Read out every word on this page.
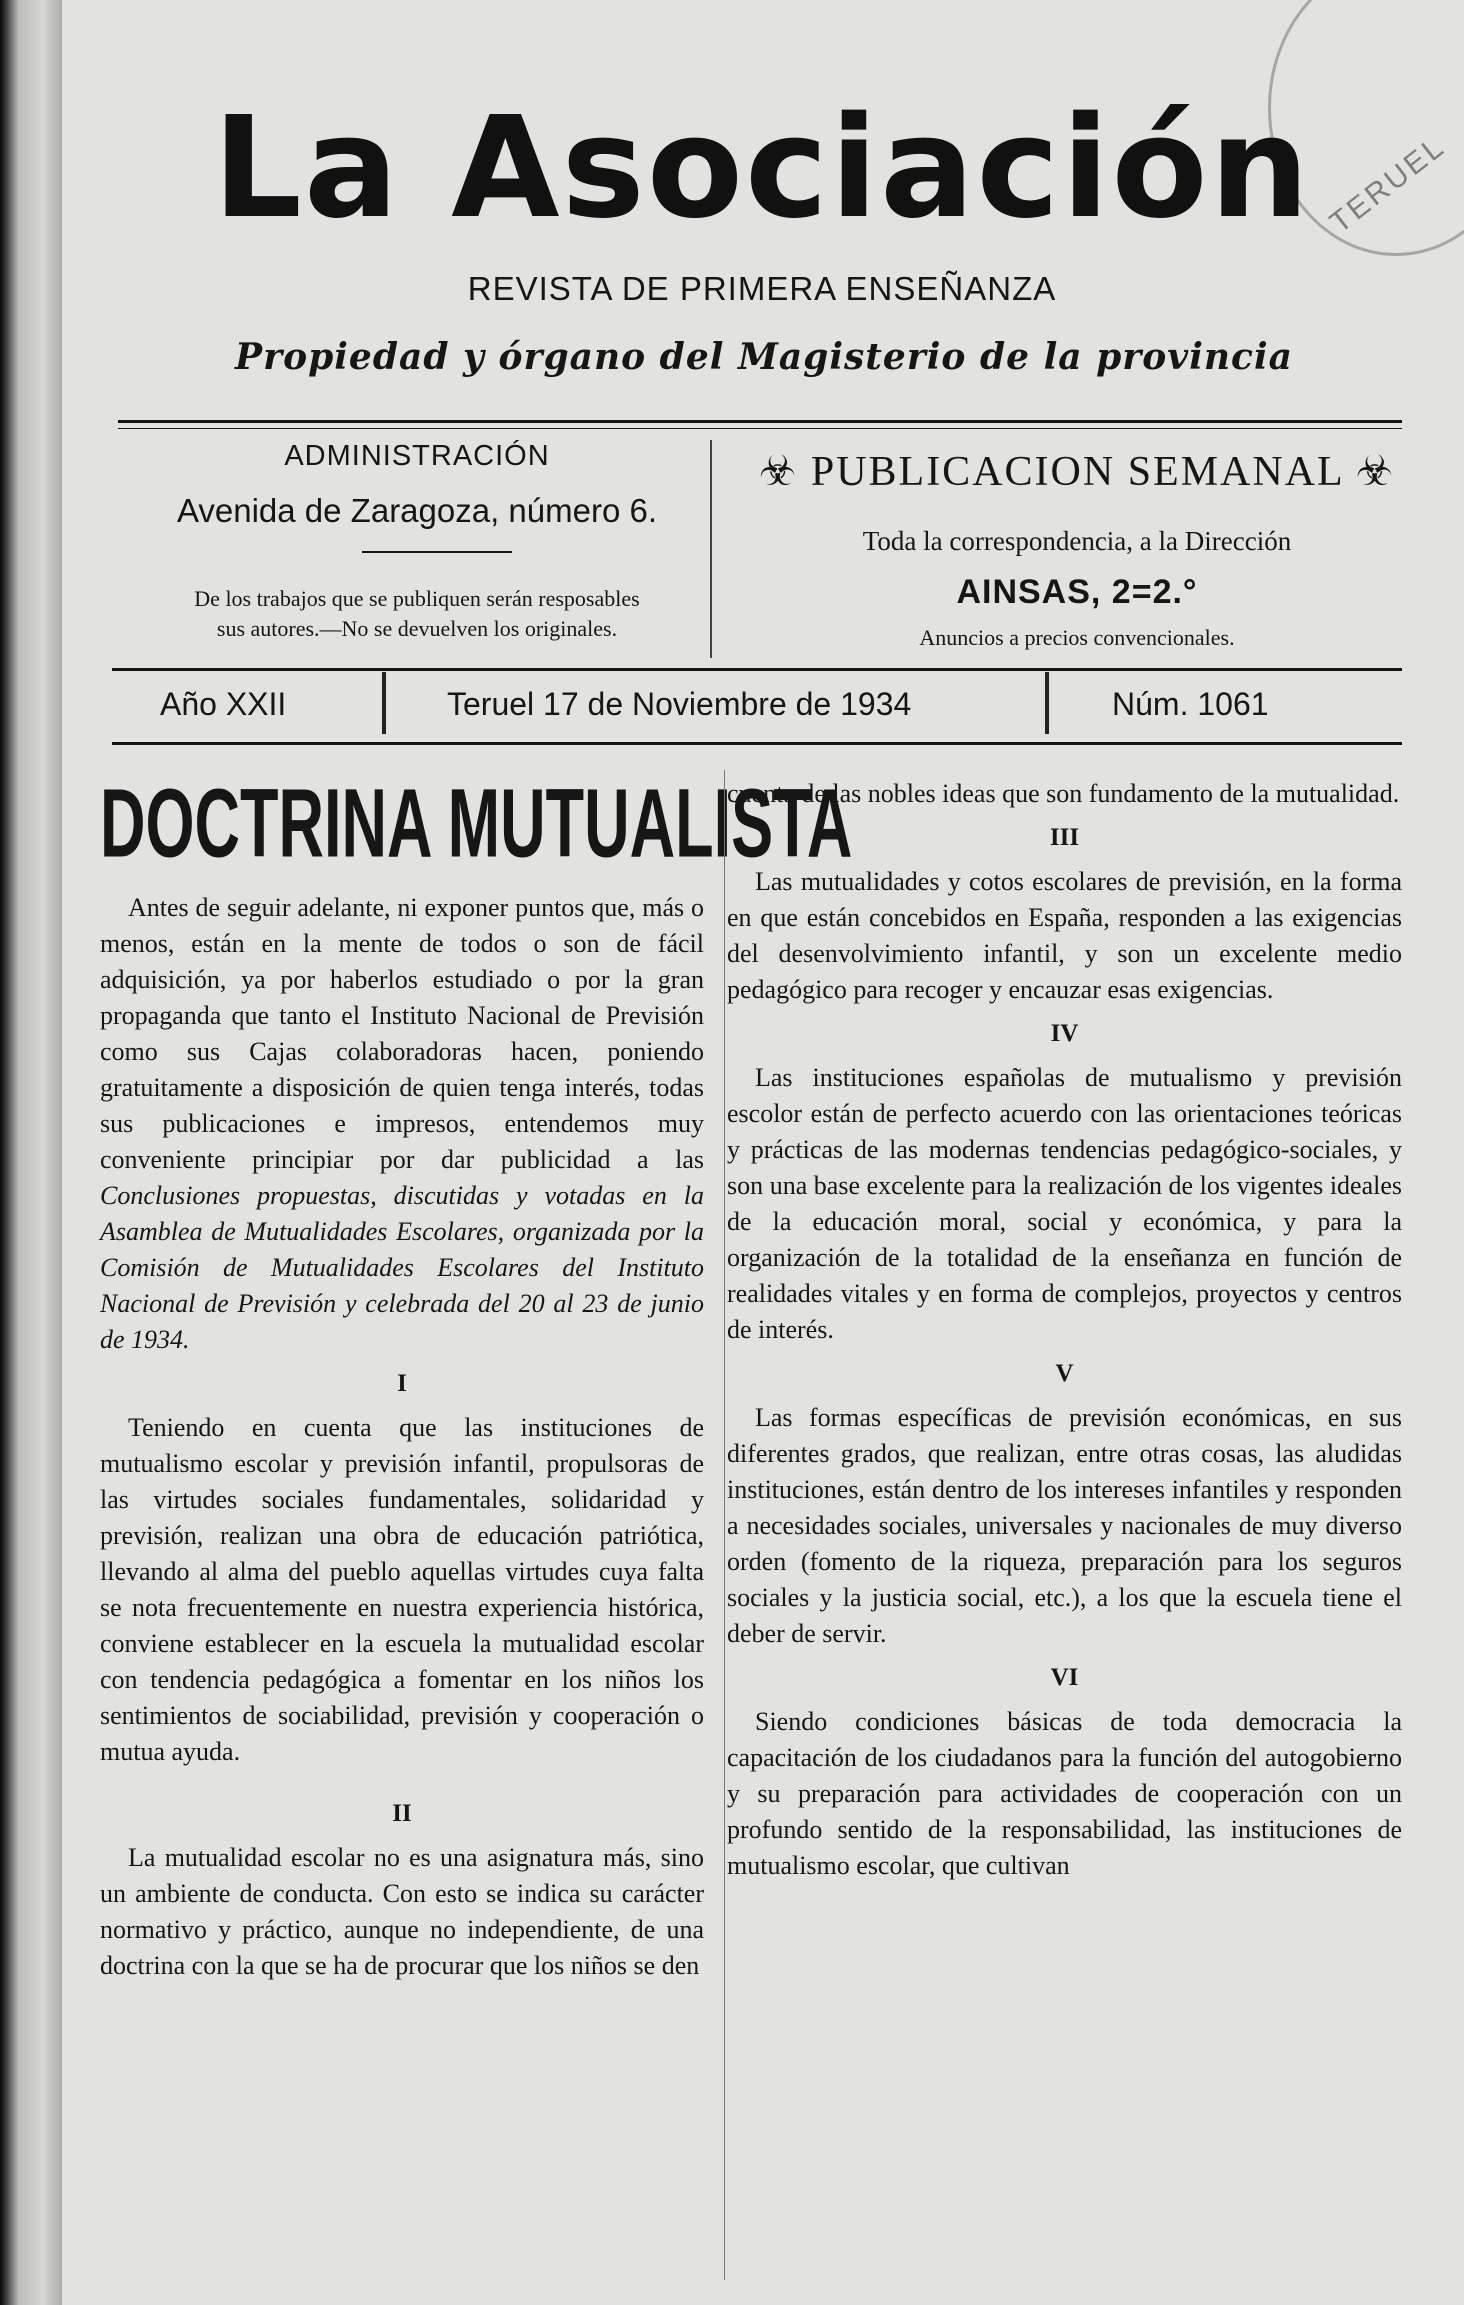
TERUEL
La Asociación
REVISTA DE PRIMERA ENSEÑANZA
Propiedad y órgano del Magisterio de la provincia
ADMINISTRACIÓN
Avenida de Zaragoza, número 6.
De los trabajos que se publiquen serán resposables
sus autores.—No se devuelven los originales.
☣ PUBLICACION SEMANAL ☣
Toda la correspondencia, a la Dirección
AINSAS, 2=2.°
Anuncios a precios convencionales.
Año XXII	Teruel 17 de Noviembre de 1934	Núm. 1061
DOCTRINA MUTUALISTA

Antes de seguir adelante, ni exponer puntos que, más o menos, están en la mente de todos o son de fácil adquisición, ya por haberlos estudiado o por la gran propaganda que tanto el Instituto Nacional de Previsión como sus Cajas colaboradoras hacen, poniendo gratuitamente a disposición de quien tenga interés, todas sus publicaciones e impresos, entendemos muy conveniente principiar por dar publicidad a las Conclusiones propuestas, discutidas y votadas en la Asamblea de Mutualidades Escolares, organizada por la Comisión de Mutualidades Escolares del Instituto Nacional de Previsión y celebrada del 20 al 23 de junio de 1934.

I

Teniendo en cuenta que las instituciones de mutualismo escolar y previsión infantil, propulsoras de las virtudes sociales fundamentales, solidaridad y previsión, realizan una obra de educación patriótica, llevando al alma del pueblo aquellas virtudes cuya falta se nota frecuentemente en nuestra experiencia histórica, conviene establecer en la escuela la mutualidad escolar con tendencia pedagógica a fomentar en los niños los sentimientos de sociabilidad, previsión y cooperación o mutua ayuda.

II

La mutualidad escolar no es una asignatura más, sino un ambiente de conducta. Con esto se indica su carácter normativo y práctico, aunque no independiente, de una doctrina con la que se ha de procurar que los niños se den

cuenta de las nobles ideas que son fundamento de la mutualidad.

III

Las mutualidades y cotos escolares de previsión, en la forma en que están concebidos en España, responden a las exigencias del desenvolvimiento infantil, y son un excelente medio pedagógico para recoger y encauzar esas exigencias.

IV

Las instituciones españolas de mutualismo y previsión escolor están de perfecto acuerdo con las orientaciones teóricas y prácticas de las modernas tendencias pedagógico-sociales, y son una base excelente para la realización de los vigentes ideales de la educación moral, social y económica, y para la organización de la totalidad de la enseñanza en función de realidades vitales y en forma de complejos, proyectos y centros de interés.

V

Las formas específicas de previsión económicas, en sus diferentes grados, que realizan, entre otras cosas, las aludidas instituciones, están dentro de los intereses infantiles y responden a necesidades sociales, universales y nacionales de muy diverso orden (fomento de la riqueza, preparación para los seguros sociales y la justicia social, etc.), a los que la escuela tiene el deber de servir.

VI

Siendo condiciones básicas de toda democracia la capacitación de los ciudadanos para la función del autogobierno y su preparación para actividades de cooperación con un profundo sentido de la responsabilidad, las instituciones de mutualismo escolar, que cultivan
